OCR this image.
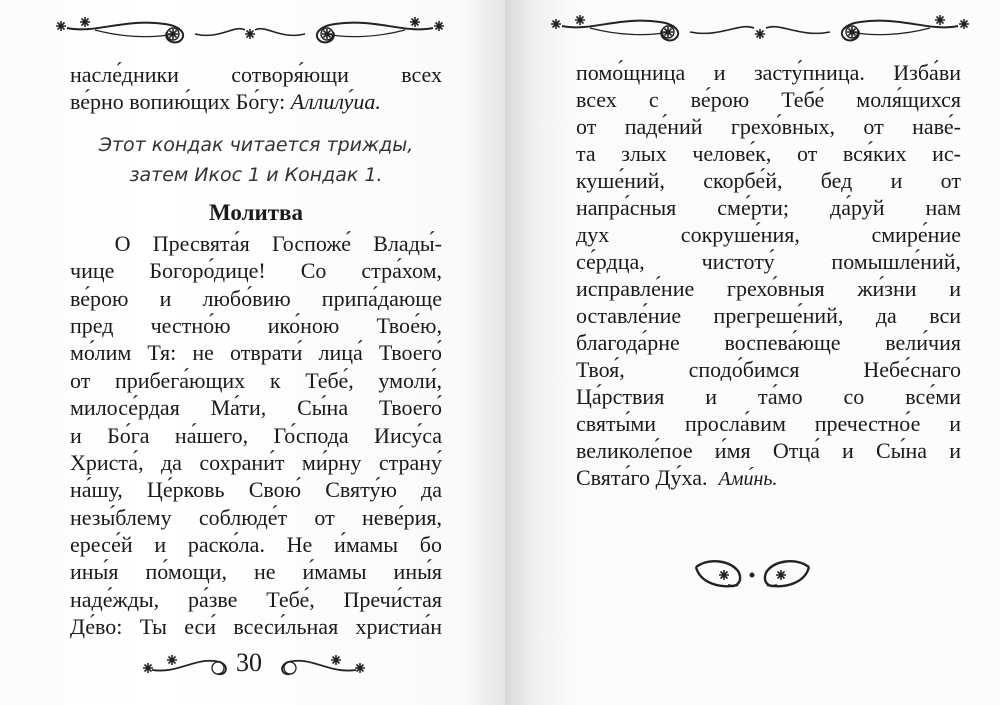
насле́дники сотворя́ющи всех
ве́рно вопию́щих Бо́гу: Аллилу́иа.
Этот кондак читается трижды,
затем Икос 1 и Кондак 1.
Молитва
О Пресвята́я Госпоже́ Влады́-
чице Богоро́дице! Со стра́хом,
ве́рою и любо́вию припа́дающе
пред честно́ю ико́ною Твое́ю,
мо́лим Тя: не отврати́ лица́ Твоего́
от прибега́ющих к Тебе́, умоли́,
милосе́рдая Ма́ти, Сы́на Твоего́
и Бо́га на́шего, Го́спода Иису́са
Христа́, да сохрани́т ми́рну страну́
на́шу, Це́рковь Свою́ Святу́ю да
незы́блему соблюде́т от неве́рия,
ересе́й и раско́ла. Не и́мамы бо
ины́я по́мощи, не и́мамы ины́я
наде́жды, ра́зве Тебе́, Пречи́стая
Де́во: Ты еси́ всеси́льная христиа́н
30
помо́щница и засту́пница. Изба́ви
всех с ве́рою Тебе́ моля́щихся
от паде́ний грехо́вных, от наве́-
та злых челове́к, от вся́ких ис-
куше́ний, скорбе́й, бед и от
напра́сныя сме́рти; да́руй нам
дух сокруше́ния, смире́ние
се́рдца, чистоту́ помышле́ний,
исправле́ние грехо́вныя жи́зни и
оставле́ние прегреше́ний, да вси
благода́рне воспева́юще вели́чия
Твоя́, сподо́бимся Небе́снаго
Ца́рствия и та́мо со все́ми
святы́ми просла́вим пречестно́е и
великоле́пое и́мя Отца́ и Сы́на и
Свята́го Ду́ха. Ами́нь.
